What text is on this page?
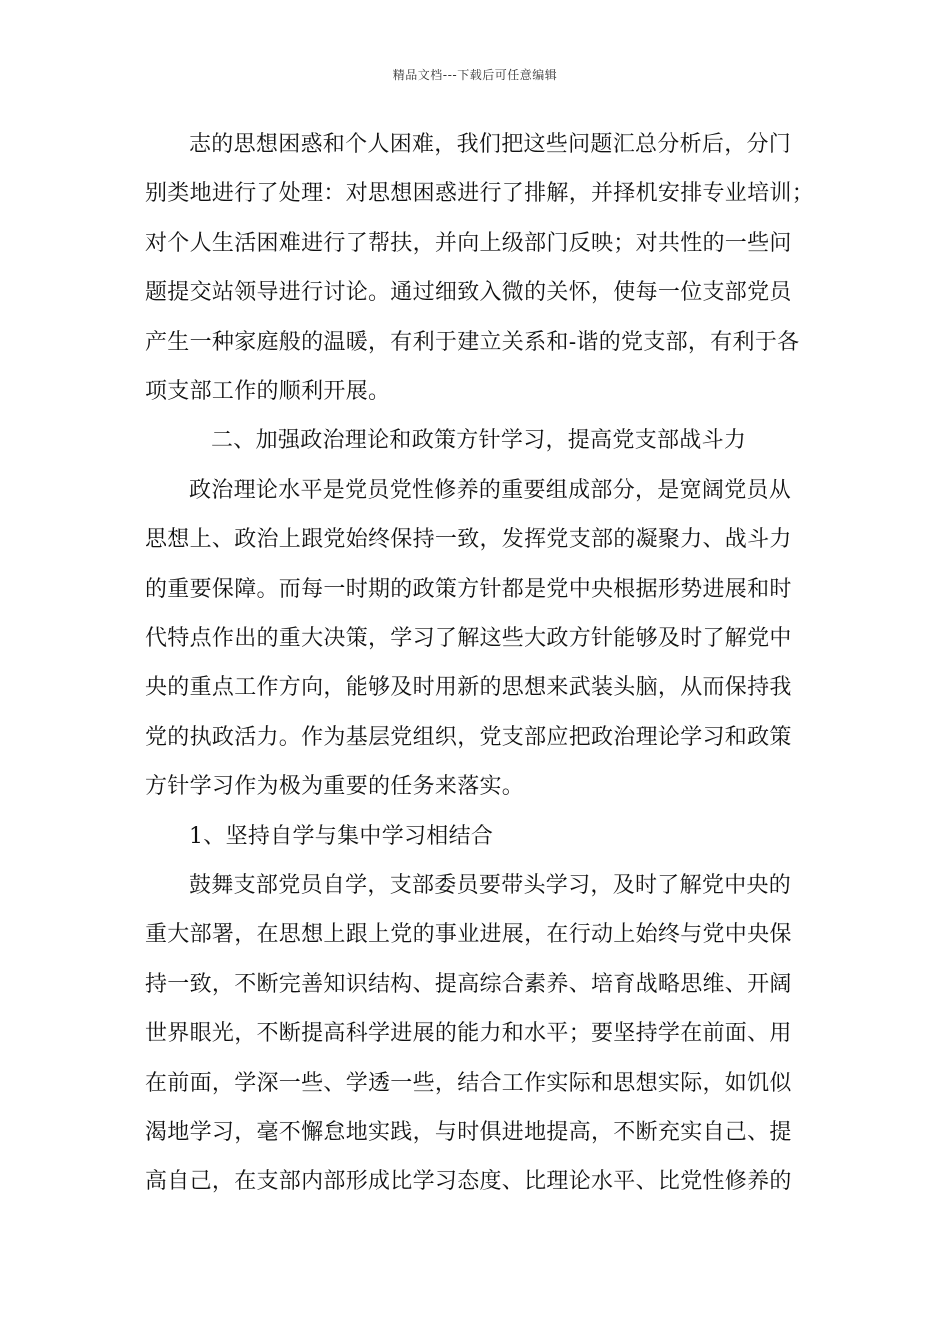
精品文档---下载后可任意编辑
志的思想困惑和个人困难，我们把这些问题汇总分析后，分门
别类地进行了处理：对思想困惑进行了排解，并择机安排专业培训；
对个人生活困难进行了帮扶，并向上级部门反映；对共性的一些问
题提交站领导进行讨论。通过细致入微的关怀，使每一位支部党员
产生一种家庭般的温暖，有利于建立关系和-谐的党支部，有利于各
项支部工作的顺利开展。
二、加强政治理论和政策方针学习，提高党支部战斗力
政治理论水平是党员党性修养的重要组成部分，是宽阔党员从
思想上、政治上跟党始终保持一致，发挥党支部的凝聚力、战斗力
的重要保障。而每一时期的政策方针都是党中央根据形势进展和时
代特点作出的重大决策，学习了解这些大政方针能够及时了解党中
央的重点工作方向，能够及时用新的思想来武装头脑，从而保持我
党的执政活力。作为基层党组织，党支部应把政治理论学习和政策
方针学习作为极为重要的任务来落实。
1、坚持自学与集中学习相结合
鼓舞支部党员自学，支部委员要带头学习，及时了解党中央的
重大部署，在思想上跟上党的事业进展，在行动上始终与党中央保
持一致，不断完善知识结构、提高综合素养、培育战略思维、开阔
世界眼光，不断提高科学进展的能力和水平；要坚持学在前面、用
在前面，学深一些、学透一些，结合工作实际和思想实际，如饥似
渴地学习，毫不懈怠地实践，与时俱进地提高，不断充实自己、提
高自己，在支部内部形成比学习态度、比理论水平、比党性修养的
